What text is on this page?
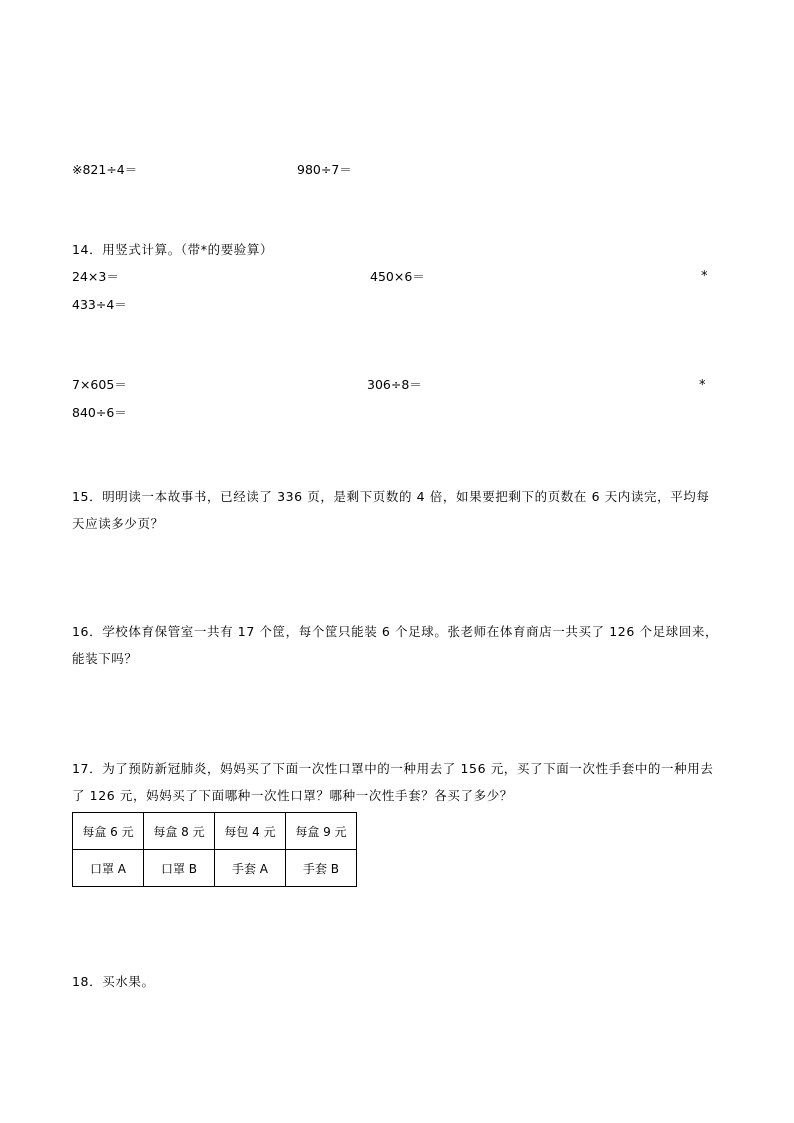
※821÷4＝	980÷7＝
14．用竖式计算。（带*的要验算）
24×3＝	450×6＝	*
433÷4＝
7×605＝	306÷8＝	*
840÷6＝
15．明明读一本故事书，已经读了 336 页，是剩下页数的 4 倍，如果要把剩下的页数在 6 天内读完，平均每天应读多少页？
16．学校体育保管室一共有 17 个筐，每个筐只能装 6 个足球。张老师在体育商店一共买了 126 个足球回来，能装下吗？
17．为了预防新冠肺炎，妈妈买了下面一次性口罩中的一种用去了 156 元，买了下面一次性手套中的一种用去了 126 元，妈妈买了下面哪种一次性口罩？哪种一次性手套？各买了多少？
每盒 6 元	每盒 8 元	每包 4 元	每盒 9 元
口罩 A	口罩 B	手套 A	手套 B
18．买水果。
